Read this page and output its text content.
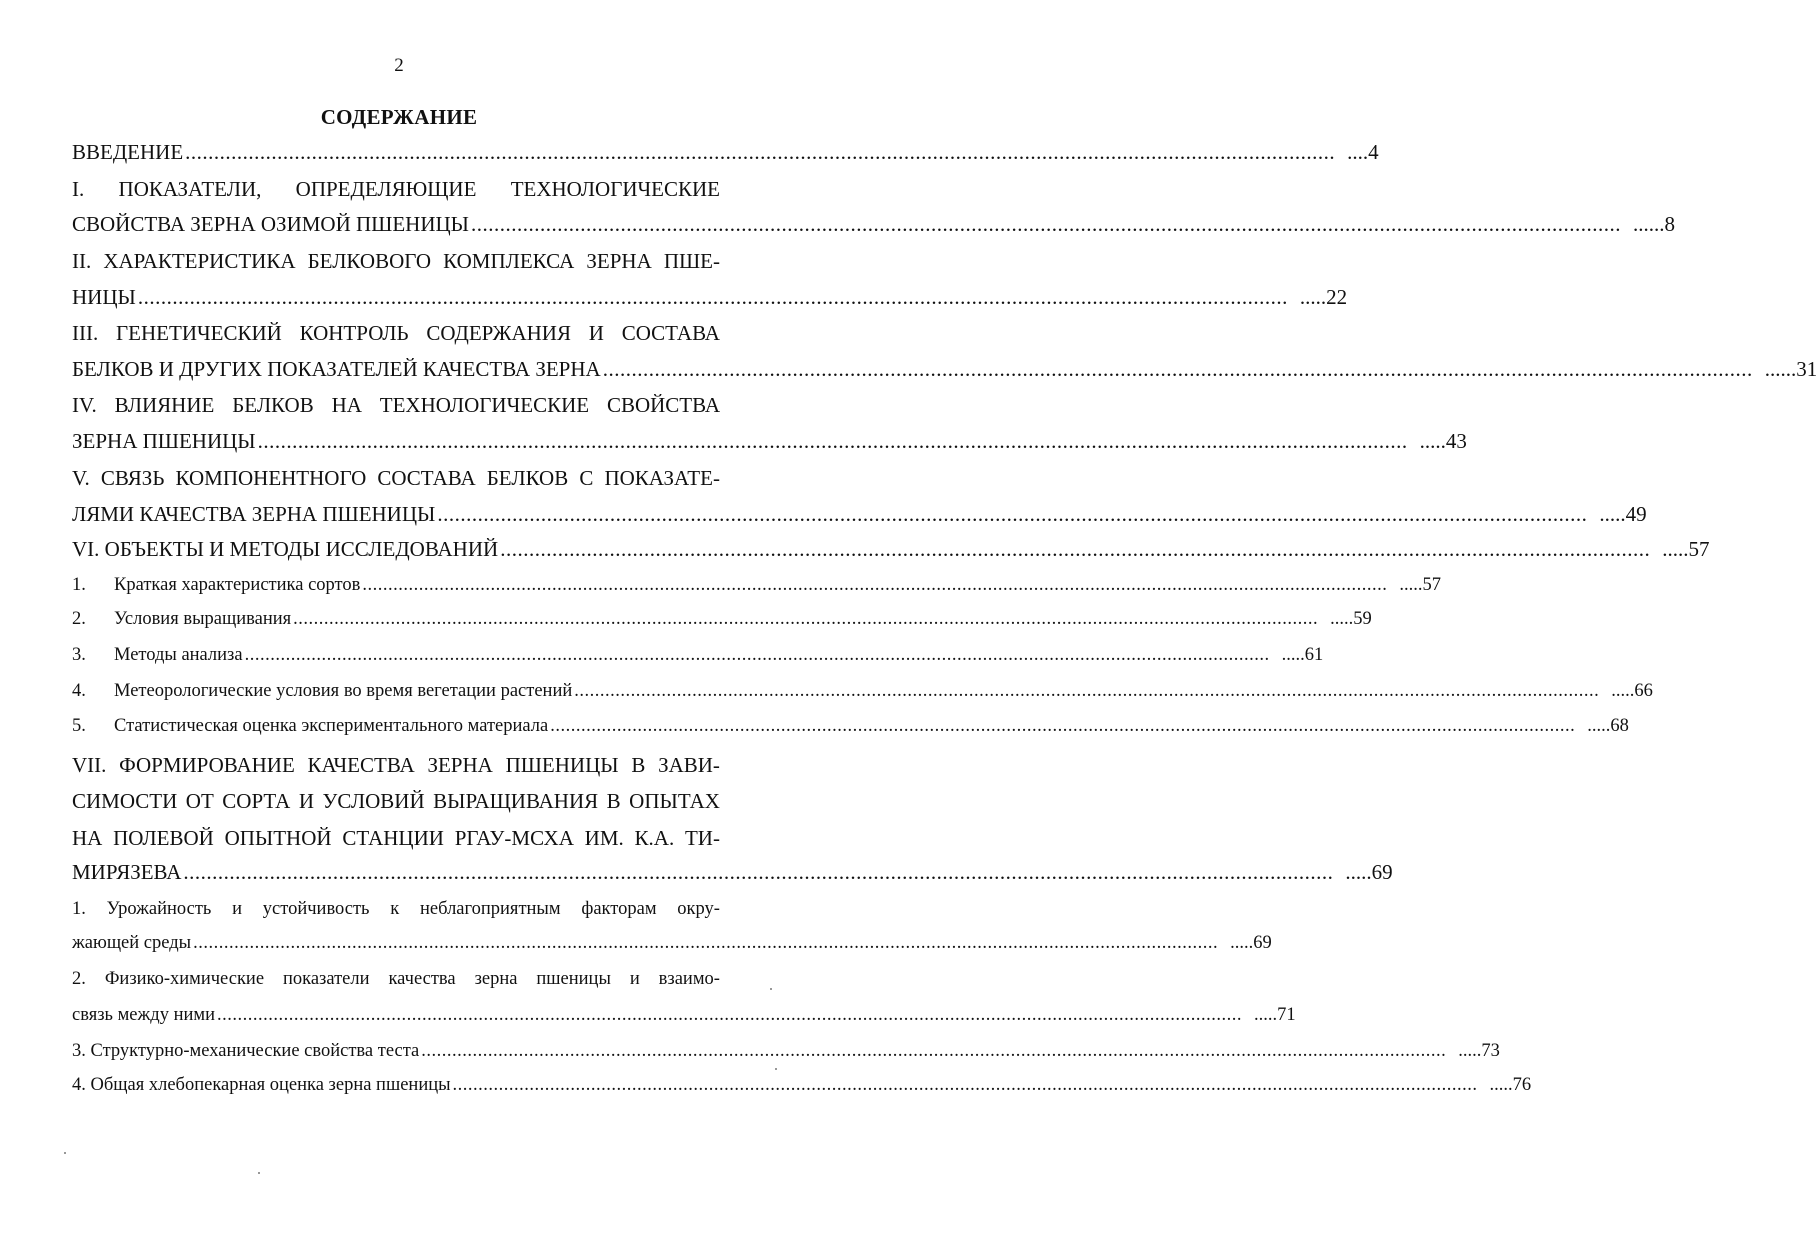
2
СОДЕРЖАНИЕ
ВВЕДЕНИЕ ........................................................................................................................................................................................................ ....4
І. ПОКАЗАТЕЛИ, ОПРЕДЕЛЯЮЩИЕ ТЕХНОЛОГИЧЕСКИЕ
СВОЙСТВА ЗЕРНА ОЗИМОЙ ПШЕНИЦЫ ........................................................................................................................................................................................................ ......8
II. ХАРАКТЕРИСТИКА БЕЛКОВОГО КОМПЛЕКСА ЗЕРНА ПШЕ-
НИЦЫ ........................................................................................................................................................................................................ .....22
III. ГЕНЕТИЧЕСКИЙ КОНТРОЛЬ СОДЕРЖАНИЯ И СОСТАВА
БЕЛКОВ И ДРУГИХ ПОКАЗАТЕЛЕЙ КАЧЕСТВА ЗЕРНА ........................................................................................................................................................................................................ ......31
IV. ВЛИЯНИЕ БЕЛКОВ НА ТЕХНОЛОГИЧЕСКИЕ СВОЙСТВА
ЗЕРНА ПШЕНИЦЫ ........................................................................................................................................................................................................ .....43
V. СВЯЗЬ КОМПОНЕНТНОГО СОСТАВА БЕЛКОВ С ПОКАЗАТЕ-
ЛЯМИ КАЧЕСТВА ЗЕРНА ПШЕНИЦЫ ........................................................................................................................................................................................................ .....49
VI. ОБЪЕКТЫ И МЕТОДЫ ИССЛЕДОВАНИЙ ........................................................................................................................................................................................................ .....57
1.	Краткая характеристика сортов ........................................................................................................................................................................................................ .....57
2.	Условия выращивания ........................................................................................................................................................................................................ .....59
3.	Методы анализа ........................................................................................................................................................................................................ .....61
4.	Метеорологические условия во время вегетации растений ........................................................................................................................................................................................................ .....66
5.	Статистическая оценка экспериментального материала ........................................................................................................................................................................................................ .....68
VII. ФОРМИРОВАНИЕ КАЧЕСТВА ЗЕРНА ПШЕНИЦЫ В ЗАВИ-
СИМОСТИ ОТ СОРТА И УСЛОВИЙ ВЫРАЩИВАНИЯ В ОПЫТАХ
НА ПОЛЕВОЙ ОПЫТНОЙ СТАНЦИИ РГАУ-МСХА ИМ. К.А. ТИ-
МИРЯЗЕВА ........................................................................................................................................................................................................ .....69
1. Урожайность и устойчивость к неблагоприятным факторам окру-
жающей среды ........................................................................................................................................................................................................ .....69
2. Физико-химические показатели качества зерна пшеницы и взаимо-
связь между ними ........................................................................................................................................................................................................ .....71
3. Структурно-механические свойства теста ........................................................................................................................................................................................................ .....73
4. Общая хлебопекарная оценка зерна пшеницы ........................................................................................................................................................................................................ .....76
